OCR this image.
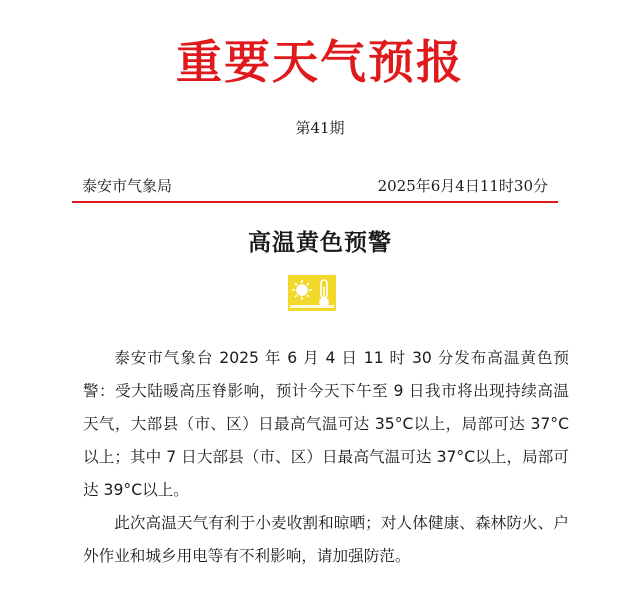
重要天气预报
第41期
泰安市气象局	2025年6月4日11时30分
高温黄色预警

泰安市气象台 2025 年 6 月 4 日 11 时 30 分发布高温黄色预警：受大陆暖高压脊影响，预计今天下午至 9 日我市将出现持续高温天气，大部县（市、区）日最高气温可达 35°C以上，局部可达 37°C以上；其中 7 日大部县（市、区）日最高气温可达 37°C以上，局部可达 39°C以上。

此次高温天气有利于小麦收割和晾晒；对人体健康、森林防火、户外作业和城乡用电等有不利影响，请加强防范。
